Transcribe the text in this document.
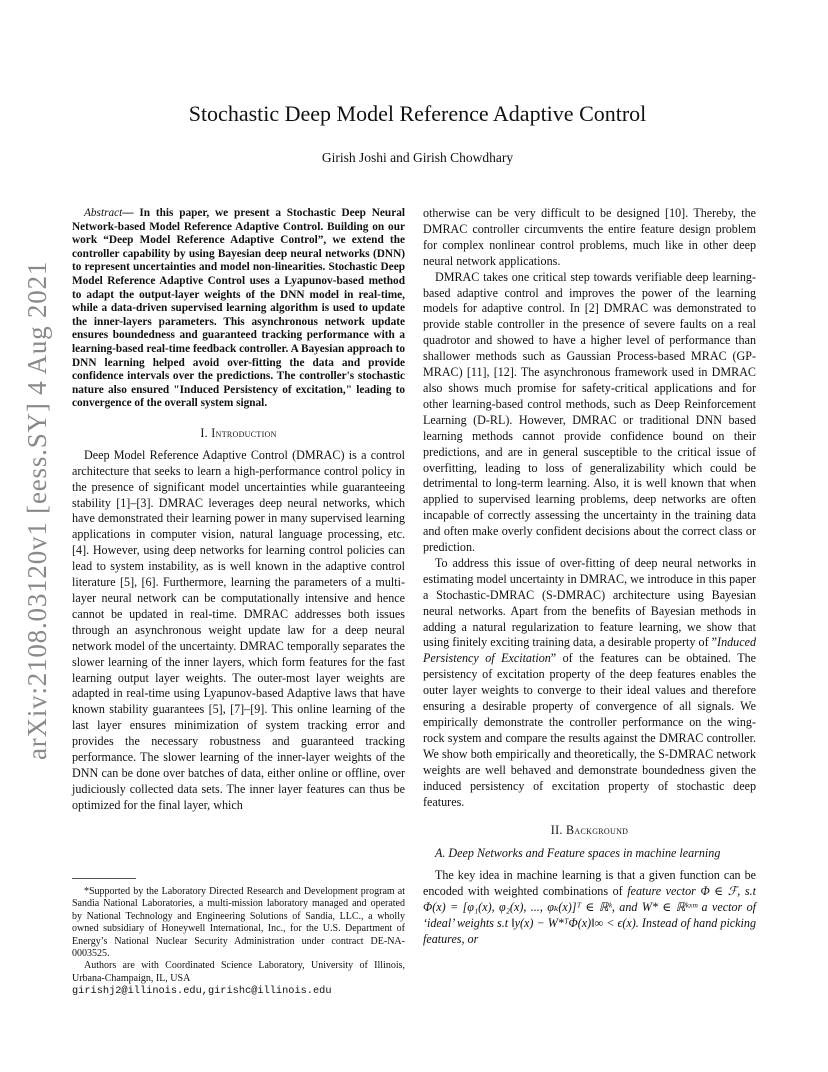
arXiv:2108.03120v1 [eess.SY] 4 Aug 2021
Stochastic Deep Model Reference Adaptive Control
Girish Joshi and Girish Chowdhary

Abstract— In this paper, we present a Stochastic Deep Neural Network-based Model Reference Adaptive Control. Building on our work “Deep Model Reference Adaptive Control”, we extend the controller capability by using Bayesian deep neural networks (DNN) to represent uncertainties and model non-linearities. Stochastic Deep Model Reference Adaptive Control uses a Lyapunov-based method to adapt the output-layer weights of the DNN model in real-time, while a data-driven supervised learning algorithm is used to update the inner-layers parameters. This asynchronous network update ensures boundedness and guaranteed tracking performance with a learning-based real-time feedback controller. A Bayesian approach to DNN learning helped avoid over-fitting the data and provide confidence intervals over the predictions. The controller's stochastic nature also ensured "Induced Persistency of excitation," leading to convergence of the overall system signal.

I. Introduction

Deep Model Reference Adaptive Control (DMRAC) is a control architecture that seeks to learn a high-performance control policy in the presence of significant model uncertainties while guaranteeing stability [1]–[3]. DMRAC leverages deep neural networks, which have demonstrated their learning power in many supervised learning applications in computer vision, natural language processing, etc. [4]. However, using deep networks for learning control policies can lead to system instability, as is well known in the adaptive control literature [5], [6]. Furthermore, learning the parameters of a multi-layer neural network can be computationally intensive and hence cannot be updated in real-time. DMRAC addresses both issues through an asynchronous weight update law for a deep neural network model of the uncertainty. DMRAC temporally separates the slower learning of the inner layers, which form features for the fast learning output layer weights. The outer-most layer weights are adapted in real-time using Lyapunov-based Adaptive laws that have known stability guarantees [5], [7]–[9]. This online learning of the last layer ensures minimization of system tracking error and provides the necessary robustness and guaranteed tracking performance. The slower learning of the inner-layer weights of the DNN can be done over batches of data, either online or offline, over judiciously collected data sets. The inner layer features can thus be optimized for the final layer, which

otherwise can be very difficult to be designed [10]. Thereby, the DMRAC controller circumvents the entire feature design problem for complex nonlinear control problems, much like in other deep neural network applications.

DMRAC takes one critical step towards verifiable deep learning-based adaptive control and improves the power of the learning models for adaptive control. In [2] DMRAC was demonstrated to provide stable controller in the presence of severe faults on a real quadrotor and showed to have a higher level of performance than shallower methods such as Gaussian Process-based MRAC (GP-MRAC) [11], [12]. The asynchronous framework used in DMRAC also shows much promise for safety-critical applications and for other learning-based control methods, such as Deep Reinforcement Learning (D-RL). However, DMRAC or traditional DNN based learning methods cannot provide confidence bound on their predictions, and are in general susceptible to the critical issue of overfitting, leading to loss of generalizability which could be detrimental to long-term learning. Also, it is well known that when applied to supervised learning problems, deep networks are often incapable of correctly assessing the uncertainty in the training data and often make overly confident decisions about the correct class or prediction.

To address this issue of over-fitting of deep neural networks in estimating model uncertainty in DMRAC, we introduce in this paper a Stochastic-DMRAC (S-DMRAC) architecture using Bayesian neural networks. Apart from the benefits of Bayesian methods in adding a natural regularization to feature learning, we show that using finitely exciting training data, a desirable property of ”Induced Persistency of Excitation” of the features can be obtained. The persistency of excitation property of the deep features enables the outer layer weights to converge to their ideal values and therefore ensuring a desirable property of convergence of all signals. We empirically demonstrate the controller performance on the wing-rock system and compare the results against the DMRAC controller. We show both empirically and theoretically, the S-DMRAC network weights are well behaved and demonstrate boundedness given the induced persistency of excitation property of stochastic deep features.

II. Background

A. Deep Networks and Feature spaces in machine learning

The key idea in machine learning is that a given function can be encoded with weighted combinations of feature vector Φ ∈ ℱ, s.t Φ(x) = [φ₁(x), φ₂(x), ..., φₖ(x)]ᵀ ∈ ℝᵏ, and W* ∈ ℝᵏˣᵐ a vector of ‘ideal’ weights s.t ‖y(x) − W*ᵀΦ(x)‖∞ < ϵ(x). Instead of hand picking features, or

*Supported by the Laboratory Directed Research and Development program at Sandia National Laboratories, a multi-mission laboratory managed and operated by National Technology and Engineering Solutions of Sandia, LLC., a wholly owned subsidiary of Honeywell International, Inc., for the U.S. Department of Energy’s National Nuclear Security Administration under contract DE-NA-0003525.

Authors are with Coordinated Science Laboratory, University of Illinois, Urbana-Champaign, IL, USA

girishj2@illinois.edu,girishc@illinois.edu
